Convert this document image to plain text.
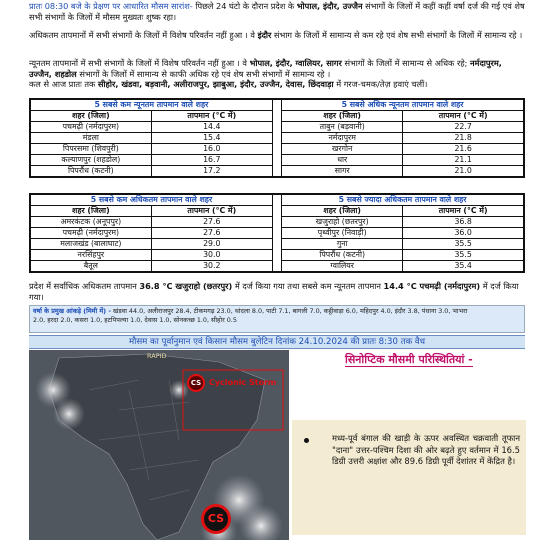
प्रातः 08:30 बजे के प्रेक्षण पर आधारित मौसम सारांश- पिछले 24 घंटो के दौरान प्रदेश के भोपाल, इंदौर, उज्जैन संभागों के जिलों में कहीं कहीं वर्षा दर्ज की गई एवं शेष सभी संभागों के जिलों में मौसम मुख्यतः शुष्क रहा।
अधिकतम तापमानों में सभी संभागों के जिलों में विशेष परिवर्तन नहीं हुआ । वे इंदौर संभाग के जिलों में सामान्य से कम रहे एवं शेष सभी संभागों के जिलों में सामान्य रहे ।
न्यूनतम तापमानों में सभी संभागों के जिलों में विशेष परिवर्तन नहीं हुआ । वे भोपाल, इंदौर, ग्वालियर, सागर संभागों के जिलों में सामान्य से अधिक रहे; नर्मदापुरम, उज्जैन, शहडोल संभागों के जिलों में सामान्य से काफी अधिक रहे एवं शेष सभी संभागों में सामान्य रहे ।
कल से आज प्रातः तक सीहोर, खंडवा, बड़वानी, अलीराजपुर, झाबुआ, इंदौर, उज्जैन, देवास, छिंदवाड़ा में गरज-चमक/तेज़ हवाएं चलीं।
5 सबसे कम न्यूनतम तापमान वाले शहर			5 सबसे अधिक न्यूनतम तापमान वाले शहर	
शहर (जिला)	तापमान (°C में)		शहर (जिला)	तापमान (°C में)
पचमढ़ी (नर्मदापुरम)	14.4		ताबुन (बड़वानी)	22.7
मंडला	15.4		नर्मदापुरम	21.8
पिपरसमा (शिवपुरी)	16.0		खरगोन	21.6
कल्याणपुर (शहडोल)	16.7		धार	21.1
पिपरौंध (कटनी)	17.2		सागर	21.0
5 सबसे कम अधिकतम तापमान वाले शहर			5 सबसे ज्यादा अधिकतम तापमान वाले शहर	
शहर (जिला)	तापमान (°C में)		शहर (जिला)	तापमान (°C में)
अमरकंटक (अनूपपुर)	27.6		खजुराहो (छतरपुर)	36.8
पचमढ़ी (नर्मदापुरम)	27.6		पृथ्वीपुर (निवाड़ी)	36.0
मलाजखंड (बालाघाट)	29.0		गुना	35.5
नरसिंहपुर	30.0		पिपरौंध (कटनी)	35.5
बैतूल	30.2		ग्वालियर	35.4
प्रदेश में सर्वाधिक अधिकतम तापमान 36.8 °C खजुराहो (छतरपुर) में दर्ज किया गया तथा सबसे कम न्यूनतम तापमान 14.4 °C पचमढ़ी (नर्मदापुरम) में दर्ज किया गया।
वर्षा के प्रमुख आंकड़े (मिमी में) - खंडवा 44.0, अलीराजपुर 28.4, टीकमगढ़ 23.0, थांदला 8.0, पाटी 7.1, बागली 7.0, कट्ठीवाड़ा 6.0, महिदपुर 4.0, इंदौर 3.8, पंधाना 3.0, भाभरा
2.0, हरदा 2.0, कसरा 1.0, हटपिपल्या 1.0, देवास 1.0, सोनकच्छ 1.0, सीहोर 0.5
मौसम का पूर्वानुमान एवं किसान मौसम बुलेटिन दिनांक 24.10.2024 की प्रातः 8:30 तक वैध
RAPID
CS Cyclonic Storm
CS
सिनोप्टिक मौसमी परिस्थितियां -
मध्य-पूर्व बंगाल की खाड़ी के ऊपर अवस्थित चक्रवाती तूफान "दाना" उत्तर-पश्चिम दिशा की ओर बढ़ते हुए वर्तमान में 16.5 डिग्री उत्तरी अक्षांश और 89.6 डिग्री पूर्वी देशांतर में केंद्रित है।
